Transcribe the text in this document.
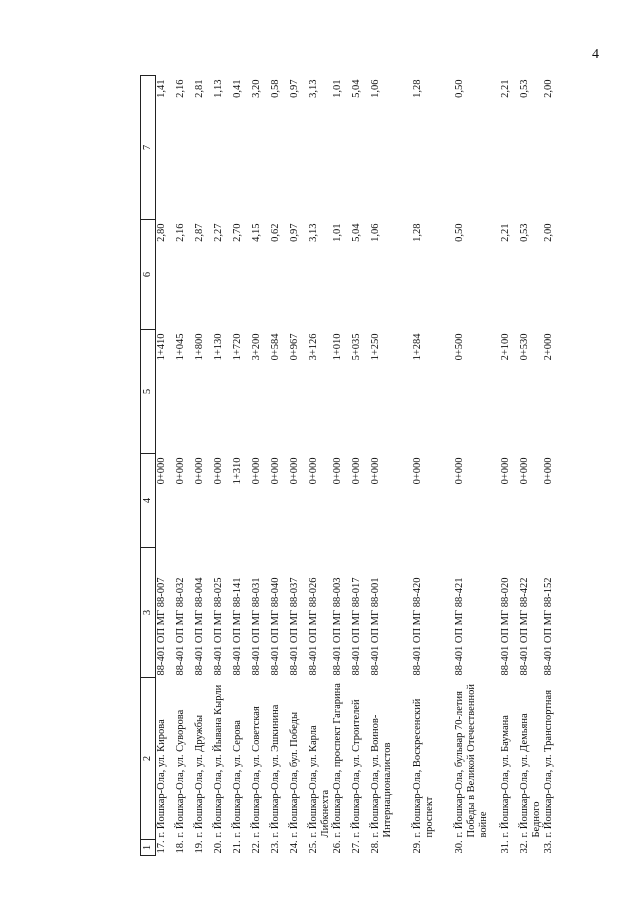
4
1	2	3	4	5	6	7
17.	г. Йошкар-Ола, ул. Кирова	88-401 ОП МГ 88-007	0+000	1+410	2,80	1,41
18.	г. Йошкар-Ола, ул. Суворова	88-401 ОП МГ 88-032	0+000	1+045	2,16	2,16
19.	г. Йошкар-Ола, ул. Дружбы	88-401 ОП МГ 88-004	0+000	1+800	2,87	2,81
20.	г. Йошкар-Ола, ул. Йывана Кырли	88-401 ОП МГ 88-025	0+000	1+130	2,27	1,13
21.	г. Йошкар-Ола, ул. Серова	88-401 ОП МГ 88-141	1+310	1+720	2,70	0,41
22.	г. Йошкар-Ола, ул. Советская	88-401 ОП МГ 88-031	0+000	3+200	4,15	3,20
23.	г. Йошкар-Ола, ул. Эшкинина	88-401 ОП МГ 88-040	0+000	0+584	0,62	0,58
24.	г. Йошкар-Ола, бул. Победы	88-401 ОП МГ 88-037	0+000	0+967	0,97	0,97
25.	г. Йошкар-Ола, ул. Карла Либкнехта	88-401 ОП МГ 88-026	0+000	3+126	3,13	3,13
26.	г. Йошкар-Ола, проспект Гагарина	88-401 ОП МГ 88-003	0+000	1+010	1,01	1,01
27.	г. Йошкар-Ола, ул. Строителей	88-401 ОП МГ 88-017	0+000	5+035	5,04	5,04
28.	г. Йошкар-Ола, ул. Воинов-Интернационалистов	88-401 ОП МГ 88-001	0+000	1+250	1,06	1,06
29.	г. Йошкар-Ола, Воскресенский проспект	88-401 ОП МГ 88-420	0+000	1+284	1,28	1,28
30.	г. Йошкар-Ола, бульвар 70-летия Победы в Великой Отечественной войне	88-401 ОП МГ 88-421	0+000	0+500	0,50	0,50
31.	г. Йошкар-Ола, ул. Баумана	88-401 ОП МГ 88-020	0+000	2+100	2,21	2,21
32.	г. Йошкар-Ола, ул. Демьяна Бедного	88-401 ОП МГ 88-422	0+000	0+530	0,53	0,53
33.	г. Йошкар-Ола, ул. Транспортная	88-401 ОП МГ 88-152	0+000	2+000	2,00	2,00
